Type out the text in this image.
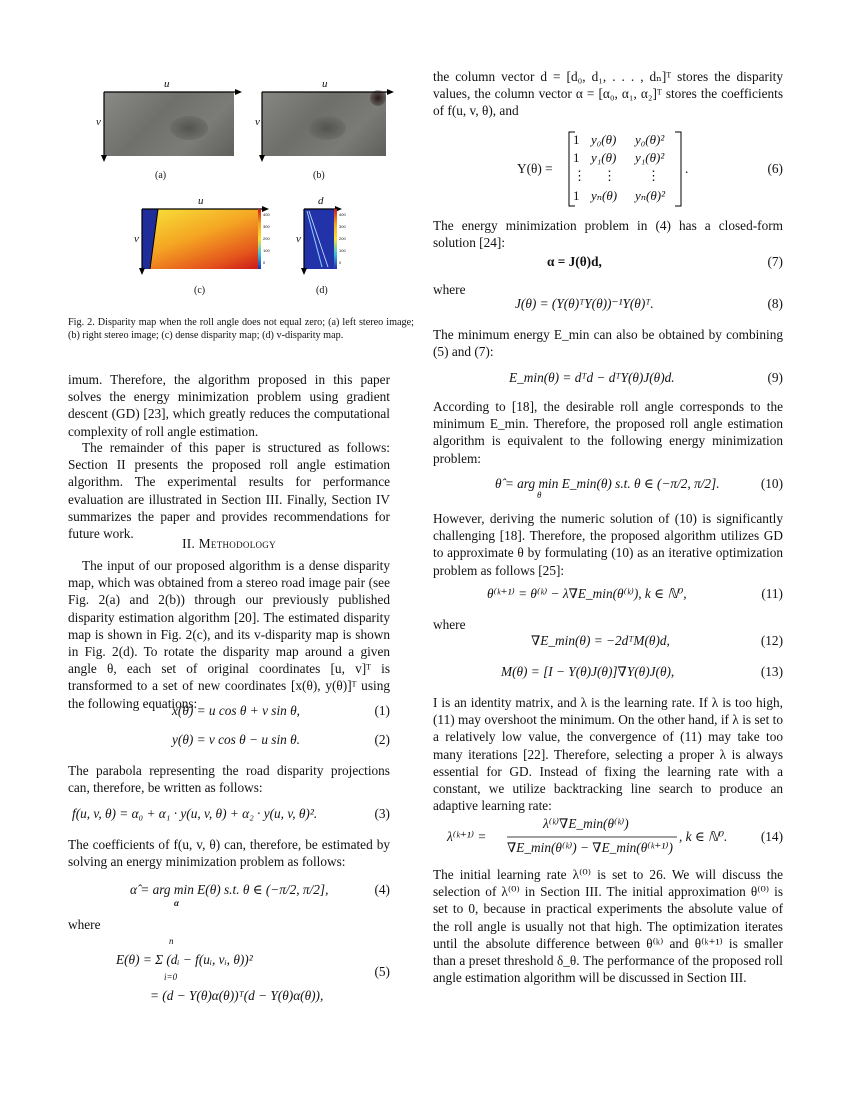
u
v
(a)
u
v
(b)
400
300
200
100
0
u
v
(c)
400
300
200
100
0
d
v
(d)

Fig. 2. Disparity map when the roll angle does not equal zero; (a) left stereo image; (b) right stereo image; (c) dense disparity map; (d) v-disparity map.

imum. Therefore, the algorithm proposed in this paper solves the energy minimization problem using gradient descent (GD) [23], which greatly reduces the computational complexity of roll angle estimation.

The remainder of this paper is structured as follows: Section II presents the proposed roll angle estimation algorithm. The experimental results for performance evaluation are illustrated in Section III. Finally, Section IV summarizes the paper and provides recommendations for future work.

II. Methodology

The input of our proposed algorithm is a dense disparity map, which was obtained from a stereo road image pair (see Fig. 2(a) and 2(b)) through our previously published disparity estimation algorithm [20]. The estimated disparity map is shown in Fig. 2(c), and its v-disparity map is shown in Fig. 2(d). To rotate the disparity map around a given angle θ, each set of original coordinates [u, v]ᵀ is transformed to a set of new coordinates [x(θ), y(θ)]ᵀ using the following equations:

x(θ) = u cos θ + v sin θ,	(1)
y(θ) = v cos θ − u sin θ.	(2)

The parabola representing the road disparity projections can, therefore, be written as follows:

f(u, v, θ) = α₀ + α₁ · y(u, v, θ) + α₂ · y(u, v, θ)².	(3)

The coefficients of f(u, v, θ) can, therefore, be estimated by solving an energy minimization problem as follows:

α̂ = arg min E(θ) s.t. θ ∈ (−π/2, π/2],
α
(4)

where

n
E(θ) = Σ (dᵢ − f(uᵢ, vᵢ, θ))²
i=0
= (d − Y(θ)α(θ))ᵀ(d − Y(θ)α(θ)),
(5)

the column vector d = [d₀, d₁, . . . , dₙ]ᵀ stores the disparity values, the column vector α = [α₀, α₁, α₂]ᵀ stores the coefficients of f(u, v, θ), and

Y(θ) =
1 y₀(θ) y₀(θ)²
1 y₁(θ) y₁(θ)²
⋮ ⋮ ⋮
1 yₙ(θ) yₙ(θ)²
.	(6)

The energy minimization problem in (4) has a closed-form solution [24]:

α = J(θ)d,	(7)

where

J(θ) = (Y(θ)ᵀY(θ))⁻¹Y(θ)ᵀ.	(8)

The minimum energy E_min can also be obtained by combining (5) and (7):

E_min(θ) = dᵀd − dᵀY(θ)J(θ)d.	(9)

According to [18], the desirable roll angle corresponds to the minimum E_min. Therefore, the proposed roll angle estimation algorithm is equivalent to the following energy minimization problem:

θ̂ = arg min E_min(θ) s.t. θ ∈ (−π/2, π/2].
θ
(10)

However, deriving the numeric solution of (10) is significantly challenging [18]. Therefore, the proposed algorithm utilizes GD to approximate θ by formulating (10) as an iterative optimization problem as follows [25]:

θ⁽ᵏ⁺¹⁾ = θ⁽ᵏ⁾ − λ∇E_min(θ⁽ᵏ⁾), k ∈ ℕ⁰,	(11)

where

∇E_min(θ) = −2dᵀM(θ)d,	(12)
M(θ) = [I − Y(θ)J(θ)]∇Y(θ)J(θ),	(13)

I is an identity matrix, and λ is the learning rate. If λ is too high, (11) may overshoot the minimum. On the other hand, if λ is set to a relatively low value, the convergence of (11) may take too many iterations [22]. Therefore, selecting a proper λ is always essential for GD. Instead of fixing the learning rate with a constant, we utilize backtracking line search to produce an adaptive learning rate:

λ⁽ᵏ⁺¹⁾ =
λ⁽ᵏ⁾∇E_min(θ⁽ᵏ⁾)
∇E_min(θ⁽ᵏ⁾) − ∇E_min(θ⁽ᵏ⁺¹⁾)
, k ∈ ℕ⁰.	(14)

The initial learning rate λ⁽⁰⁾ is set to 26. We will discuss the selection of λ⁽⁰⁾ in Section III. The initial approximation θ⁽⁰⁾ is set to 0, because in practical experiments the absolute value of the roll angle is usually not that high. The optimization iterates until the absolute difference between θ⁽ᵏ⁾ and θ⁽ᵏ⁺¹⁾ is smaller than a preset threshold δ_θ. The performance of the proposed roll angle estimation algorithm will be discussed in Section III.
